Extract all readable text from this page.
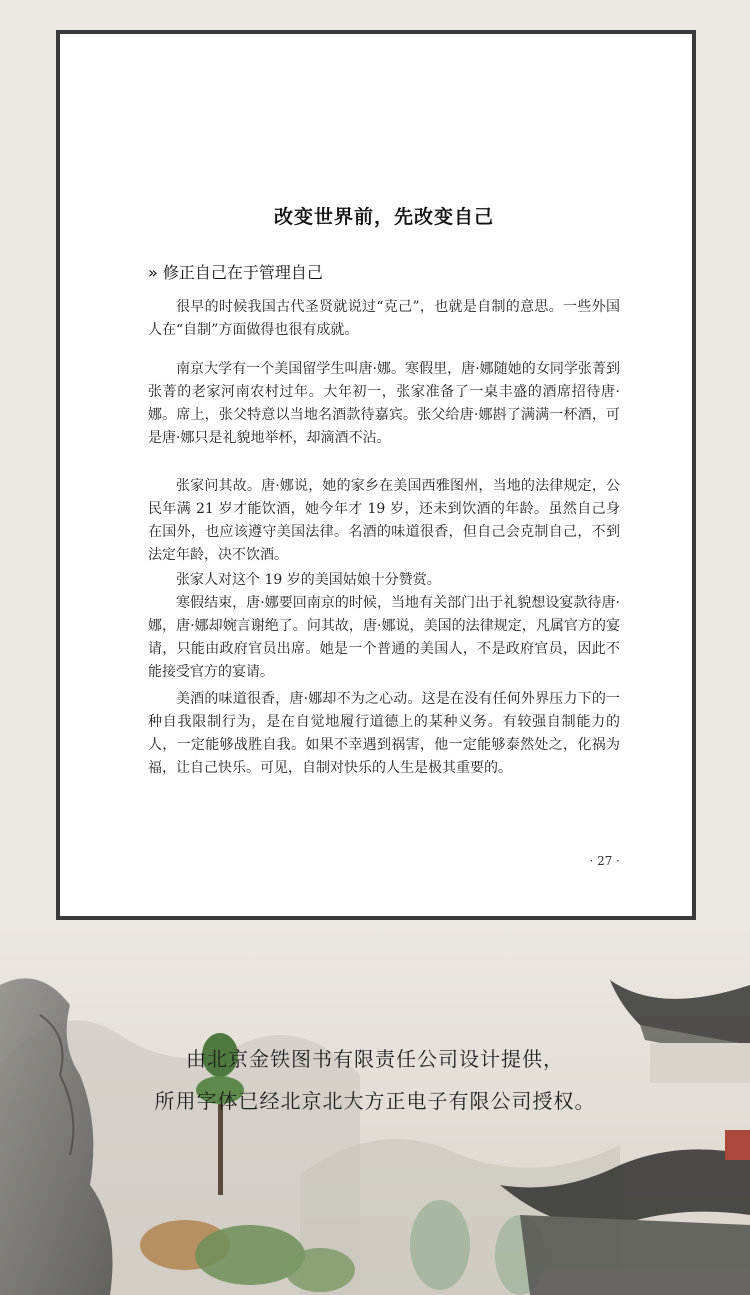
改变世界前，先改变自己
» 修正自己在于管理自己

很早的时候我国古代圣贤就说过“克己”，也就是自制的意思。一些外国人在“自制”方面做得也很有成就。

南京大学有一个美国留学生叫唐·娜。寒假里，唐·娜随她的女同学张菁到张菁的老家河南农村过年。大年初一，张家准备了一桌丰盛的酒席招待唐·娜。席上，张父特意以当地名酒款待嘉宾。张父给唐·娜斟了满满一杯酒，可是唐·娜只是礼貌地举杯，却滴酒不沾。

张家问其故。唐·娜说，她的家乡在美国西雅图州，当地的法律规定，公民年满 21 岁才能饮酒，她今年才 19 岁，还未到饮酒的年龄。虽然自己身在国外，也应该遵守美国法律。名酒的味道很香，但自己会克制自己，不到法定年龄，决不饮酒。

张家人对这个 19 岁的美国姑娘十分赞赏。

寒假结束，唐·娜要回南京的时候，当地有关部门出于礼貌想设宴款待唐·娜，唐·娜却婉言谢绝了。问其故，唐·娜说，美国的法律规定，凡属官方的宴请，只能由政府官员出席。她是一个普通的美国人，不是政府官员，因此不能接受官方的宴请。

美酒的味道很香，唐·娜却不为之心动。这是在没有任何外界压力下的一种自我限制行为，是在自觉地履行道德上的某种义务。有较强自制能力的人，一定能够战胜自我。如果不幸遇到祸害，他一定能够泰然处之，化祸为福，让自己快乐。可见，自制对快乐的人生是极其重要的。

· 27 ·
由北京金铁图书有限责任公司设计提供，
所用字体已经北京北大方正电子有限公司授权。
